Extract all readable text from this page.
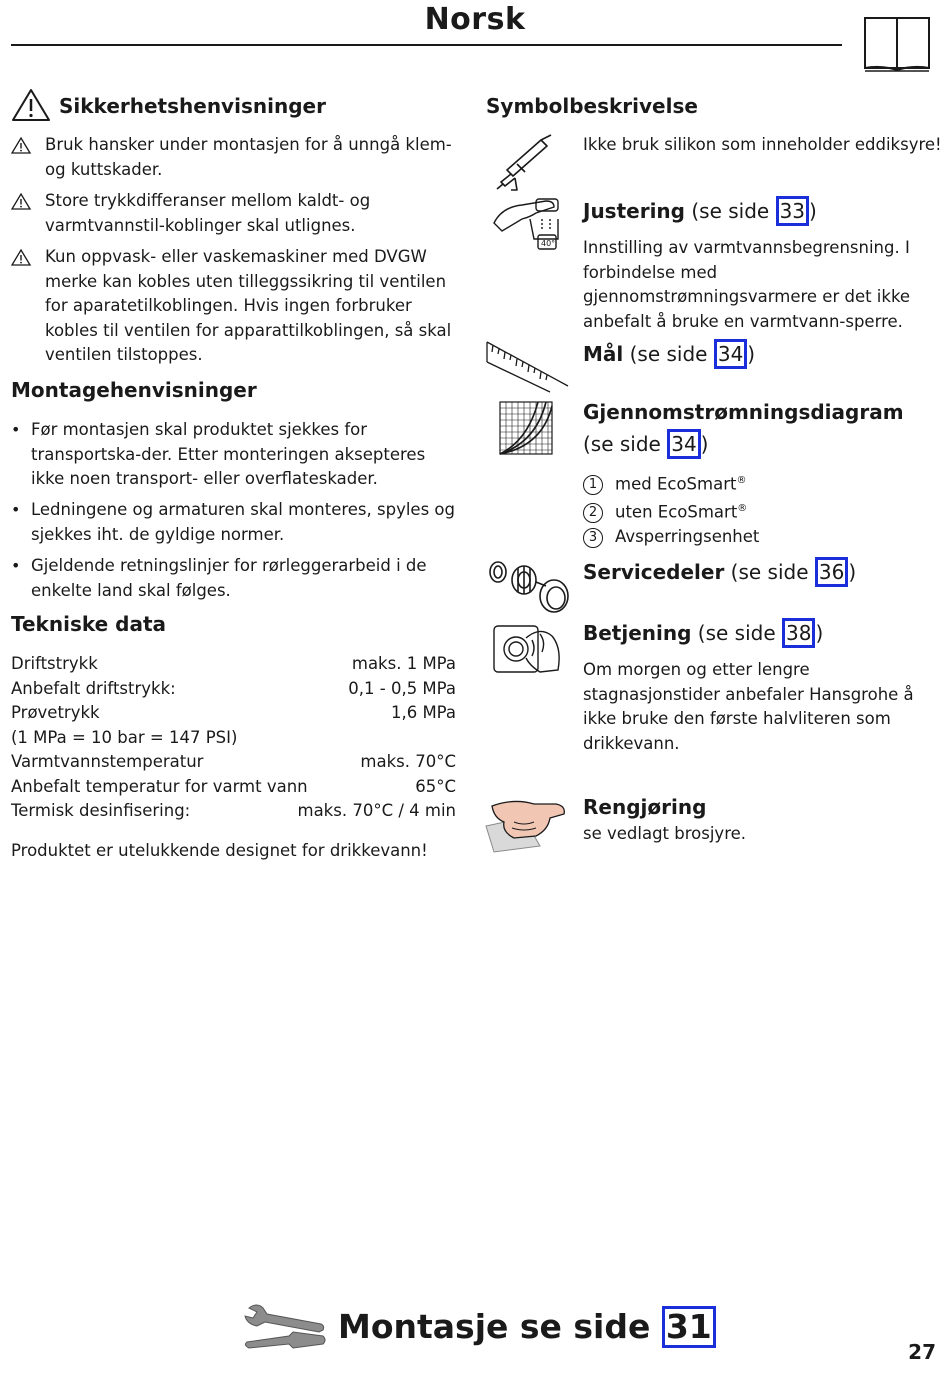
Norsk
Sikkerhetshenvisninger
Bruk hansker under montasjen for å unngå klem- og kuttskader.
Store trykkdifferanser mellom kaldt- og varmtvannstil-koblinger skal utlignes.
Kun oppvask- eller vaskemaskiner med DVGW merke kan kobles uten tilleggssikring til ventilen for aparatetilkoblingen. Hvis ingen forbruker kobles til ventilen for apparattilkoblingen, så skal ventilen tilstoppes.
Montagehenvisninger
• Før montasjen skal produktet sjekkes for transportska-der. Etter monteringen aksepteres ikke noen transport- eller overflateskader.
• Ledningene og armaturen skal monteres, spyles og sjekkes iht. de gyldige normer.
• Gjeldende retningslinjer for rørleggerarbeid i de enkelte land skal følges.
Tekniske data
Driftstrykk	maks. 1 MPa
Anbefalt driftstrykk:	0,1 - 0,5 MPa
Prøvetrykk	1,6 MPa
(1 MPa = 10 bar = 147 PSI)
Varmtvannstemperatur	maks. 70°C
Anbefalt temperatur for varmt vann	65°C
Termisk desinfisering:	maks. 70°C / 4 min
Produktet er utelukkende designet for drikkevann!
Symbolbeskrivelse
Ikke bruk silikon som inneholder eddiksyre!
40°
Justering (se side 33 )
Innstilling av varmtvannsbegrensning. I forbindelse med gjennomstrømningsvarmere er det ikke anbefalt å bruke en varmtvann-sperre.
Mål (se side 34 )
Gjennomstrømningsdiagram
(se side 34 )
1 med EcoSmart®
2 uten EcoSmart®
3 Avsperringsenhet
Servicedeler (se side 36 )
Betjening (se side 38 )
Om morgen og etter lengre stagnasjonstider anbefaler Hansgrohe å ikke bruke den første halvliteren som drikkevann.
Rengjøring
se vedlagt brosjyre.
Montasje se side 31
27
